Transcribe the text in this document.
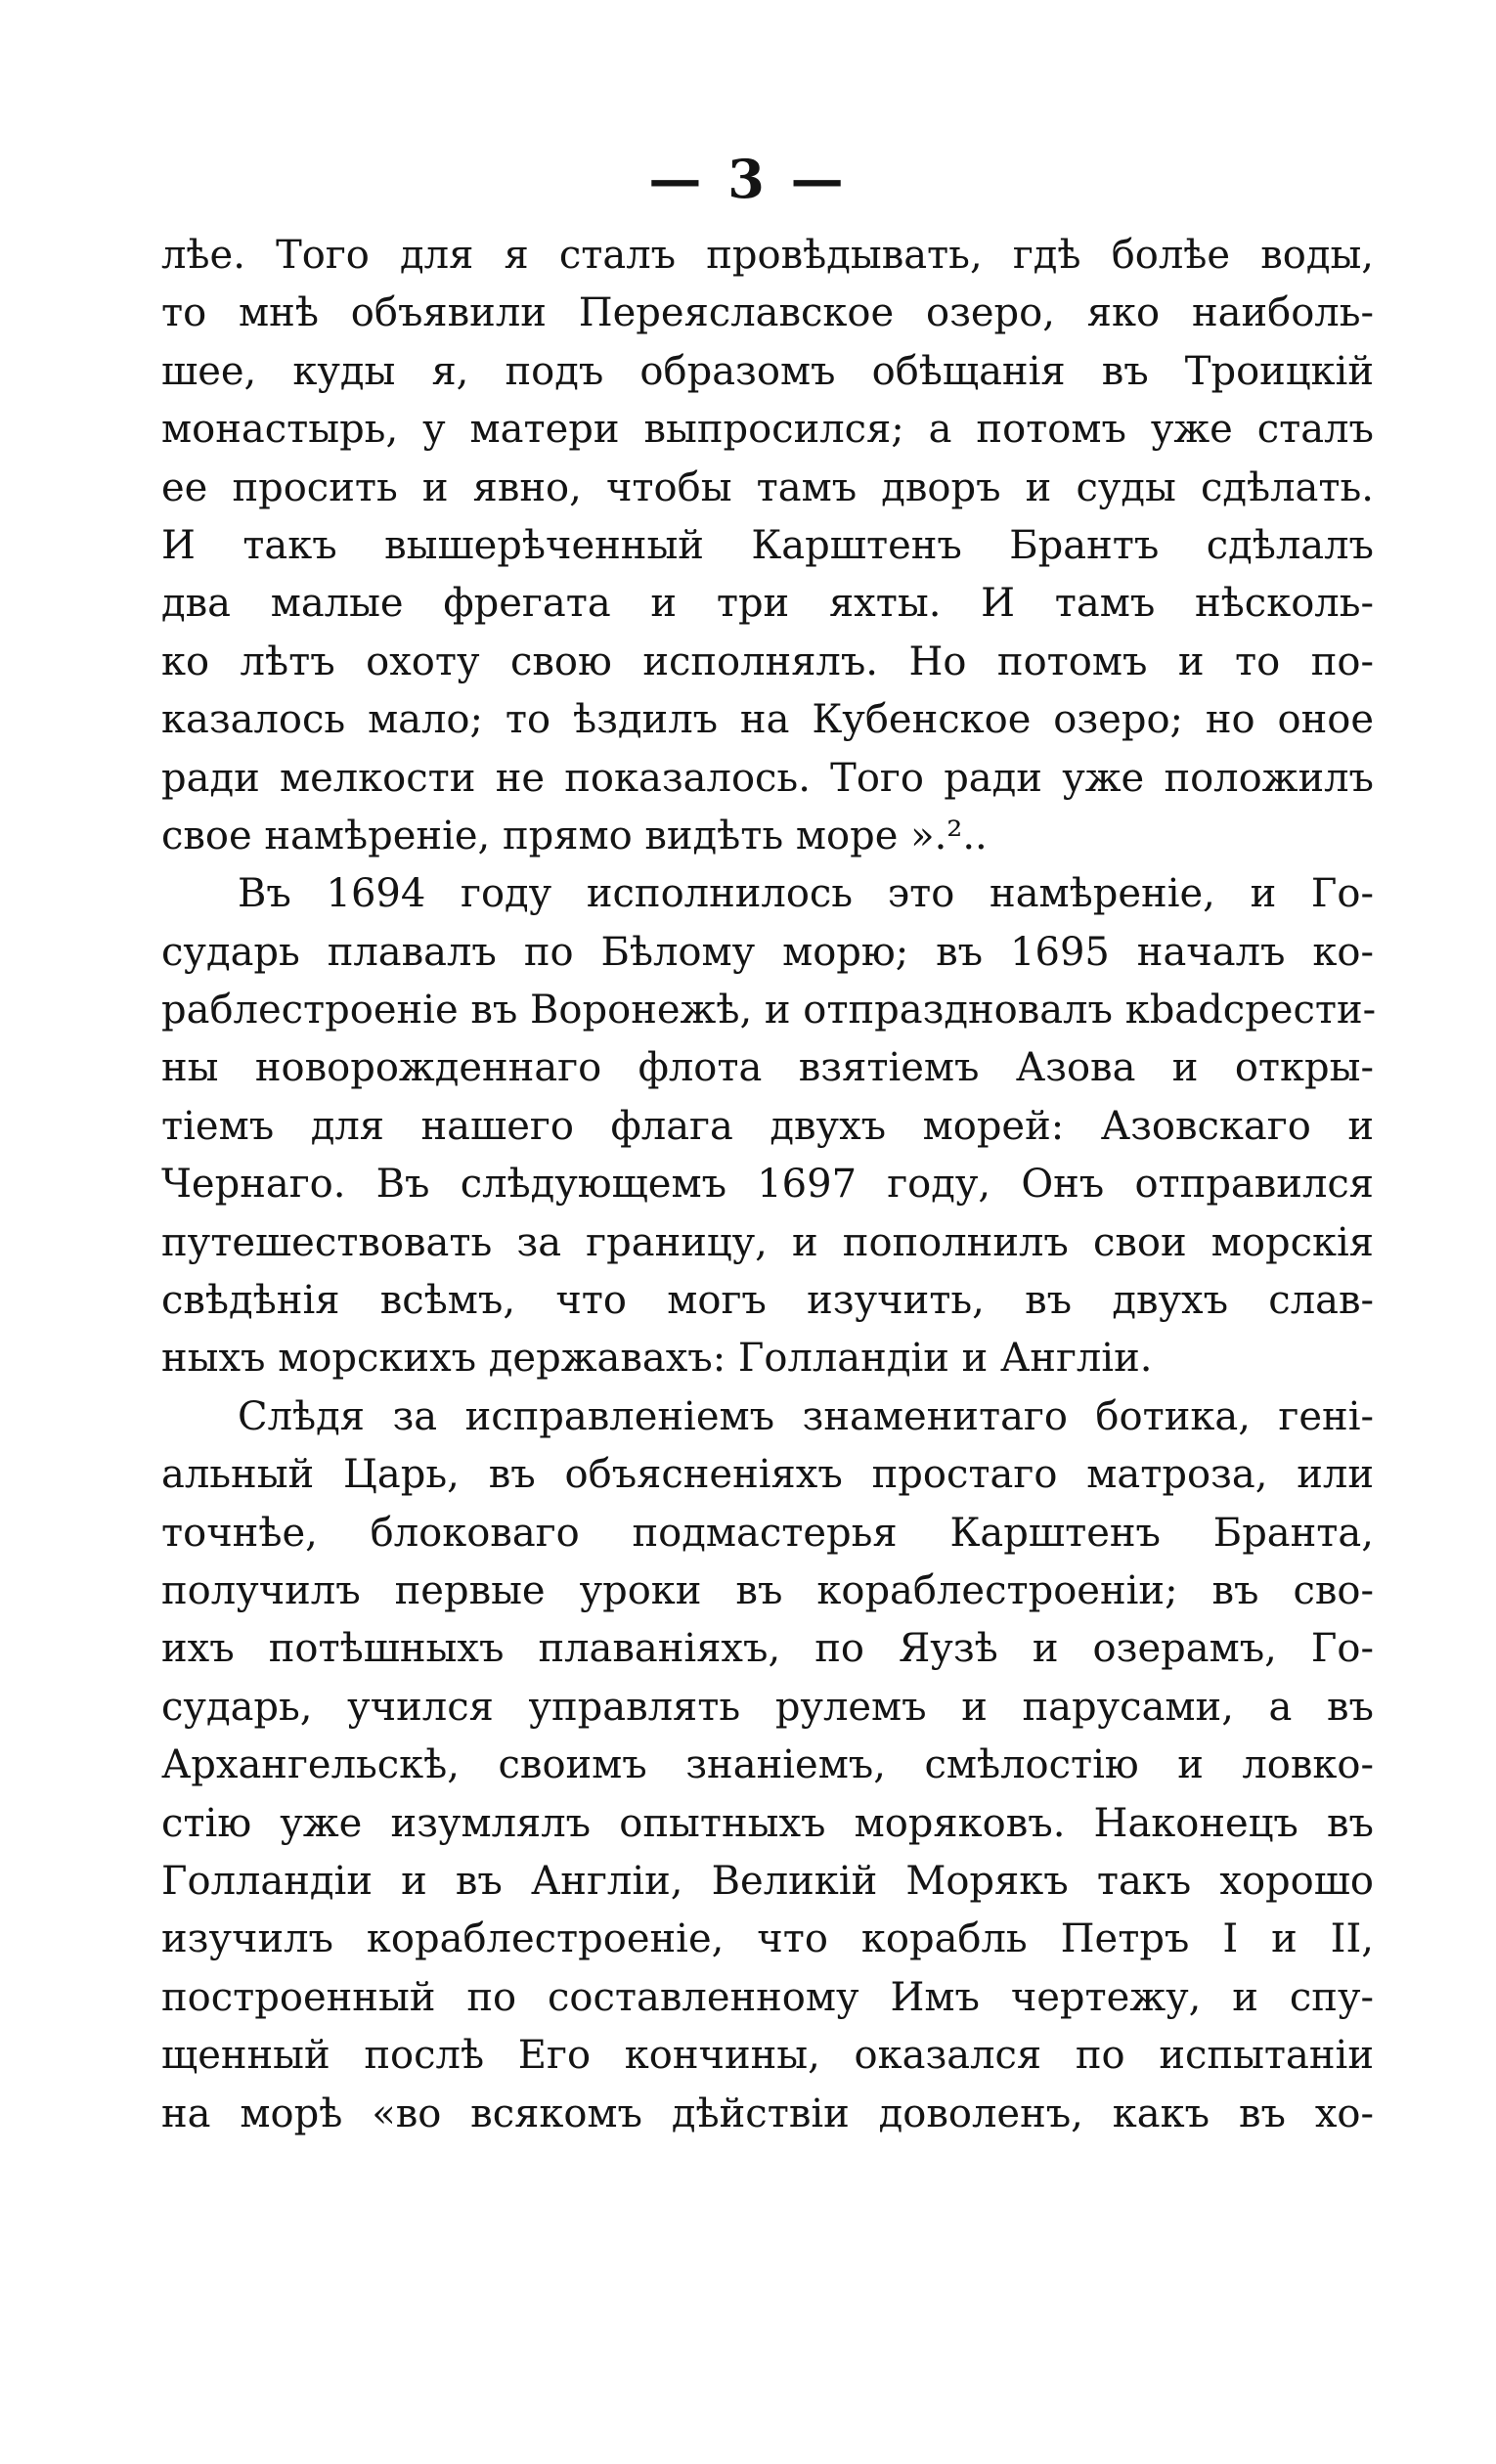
— 3 —
лѣе. Того для я сталъ провѣдывать, гдѣ болѣе воды,
то мнѣ объявили Переяславское озеро, яко наиболь-
шее, куды я, подъ образомъ обѣщанія въ Троицкій
монастырь, у матери выпросился; а потомъ уже сталъ
ее просить и явно, чтобы тамъ дворъ и суды сдѣлать.
И такъ вышерѣченный Карштенъ Брантъ сдѣлалъ
два малые фрегата и три яхты. И тамъ нѣсколь-
ко лѣтъ охоту свою исполнялъ. Но потомъ и то по-
казалось мало; то ѣздилъ на Кубенское озеро; но оное
ради мелкости не показалось. Того ради уже положилъ
свое намѣреніе, прямо видѣть море ».²..
Въ 1694 году исполнилось это намѣреніе, и Го-
сударь плавалъ по Бѣлому морю; въ 1695 началъ ко-
раблестроеніе въ Воронежѣ, и отпраздновалъ кbadcрести-
ны новорожденнаго флота взятіемъ Азова и откры-
тіемъ для нашего флага двухъ морей: Азовскаго и
Чернаго. Въ слѣдующемъ 1697 году, Онъ отправился
путешествовать за границу, и пополнилъ свои морскія
свѣдѣнія всѣмъ, что могъ изучить, въ двухъ слав-
ныхъ морскихъ державахъ: Голландіи и Англіи.
Слѣдя за исправленіемъ знаменитаго ботика, гені-
альный Царь, въ объясненіяхъ простаго матроза, или
точнѣе, блоковаго подмастерья Карштенъ Бранта,
получилъ первые уроки въ кораблестроеніи; въ сво-
ихъ потѣшныхъ плаваніяхъ, по Яузѣ и озерамъ, Го-
сударь, учился управлять рулемъ и парусами, а въ
Архангельскѣ, своимъ знаніемъ, смѣлостію и ловко-
стію уже изумлялъ опытныхъ моряковъ. Наконецъ въ
Голландіи и въ Англіи, Великій Морякъ такъ хорошо
изучилъ кораблестроеніе, что корабль Петръ I и II,
построенный по составленному Имъ чертежу, и спу-
щенный послѣ Его кончины, оказался по испытаніи
на морѣ «во всякомъ дѣйствіи доволенъ, какъ въ хо-
